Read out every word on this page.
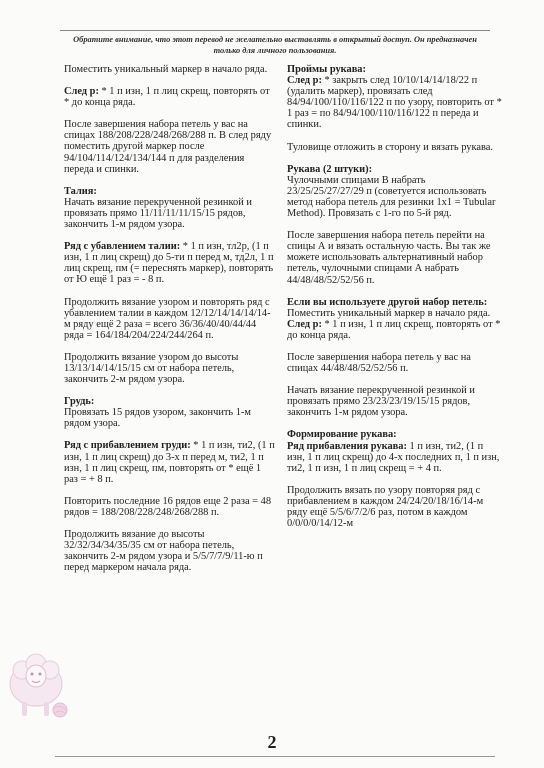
Обратите внимание, что этот перевод не желательно выставлять в открытый доступ. Он предназначен только для личного пользования.
Поместить уникальный маркер в начало ряда.
След р: * 1 п изн, 1 п лиц скрещ, повторять от * до конца ряда.
После завершения набора петель у вас на спицах 188/208/228/248/268/288 п. В след ряду поместить другой маркер после 94/104/114/124/134/144 п для разделения переда и спинки.
Талия:
Начать вязание перекрученной резинкой и провязать прямо 11/11/11/11/15/15 рядов, закончить 1-м рядом узора.
Ряд с убавлением талии: * 1 п изн, тл2р, (1 п изн, 1 п лиц скрещ) до 5-ти п перед м, тд2л, 1 п лиц скрещ, пм (= переснять маркер), повторять от Ю ещё 1 раз = - 8 п.
Продолжить вязание узором и повторять ряд с убавлением талии в каждом 12/12/14/14/14/14-м ряду ещё 2 раза = всего 36/36/40/40/44/44 ряда = 164/184/204/224/244/264 п.
Продолжить вязание узором до высоты 13/13/14/14/15/15 см от набора петель, закончить 2-м рядом узора.
Грудь:
Провязать 15 рядов узором, закончить 1-м рядом узора.
Ряд с прибавлением груди: * 1 п изн, ти2, (1 п изн, 1 п лиц скрещ) до 3-х п перед м, ти2, 1 п изн, 1 п лиц скрещ, пм, повторять от * ещё 1 раз = + 8 п.
Повторить последние 16 рядов еще 2 раза = 48 рядов = 188/208/228/248/268/288 п.
Продолжить вязание до высоты 32/32/34/34/35/35 см от набора петель, закончить 2-м рядом узора и 5/5/7/7/9/11-ю п перед маркером начала ряда.
Проймы рукава:
След р: * закрыть след 10/10/14/14/18/22 п (удалить маркер), провязать след 84/94/100/110/116/122 п по узору, повторить от * 1 раз = по 84/94/100/110/116/122 п переда и спинки.
Туловище отложить в сторону и вязать рукава.
Рукава (2 штуки):
Чулочными спицами В набрать 23/25/25/27/27/29 п (советуется использовать метод набора петель для резинки 1x1 = Tubular Method). Провязать с 1-го по 5-й ряд.
После завершения набора петель перейти на спицы А и вязать остальную часть. Вы так же можете использовать альтернативный набор петель, чулочными спицами А набрать 44/48/48/52/52/56 п.
Если вы используете другой набор петель:
Поместить уникальный маркер в начало ряда.
След р: * 1 п изн, 1 п лиц скрещ, повторять от * до конца ряда.
После завершения набора петель у вас на спицах 44/48/48/52/52/56 п.
Начать вязание перекрученной резинкой и провязать прямо 23/23/23/19/15/15 рядов, закончить 1-м рядом узора.
Формирование рукава:
Ряд прибавления рукава: 1 п изн, ти2, (1 п изн, 1 п лиц скрещ) до 4-х последних п, 1 п изн, ти2, 1 п изн, 1 п лиц скрещ = + 4 п.
Продолжить вязать по узору повторяя ряд с прибавлением в каждом 24/24/20/18/16/14-м ряду ещё 5/5/6/7/2/6 раз, потом в каждом 0/0/0/0/14/12-м
2
